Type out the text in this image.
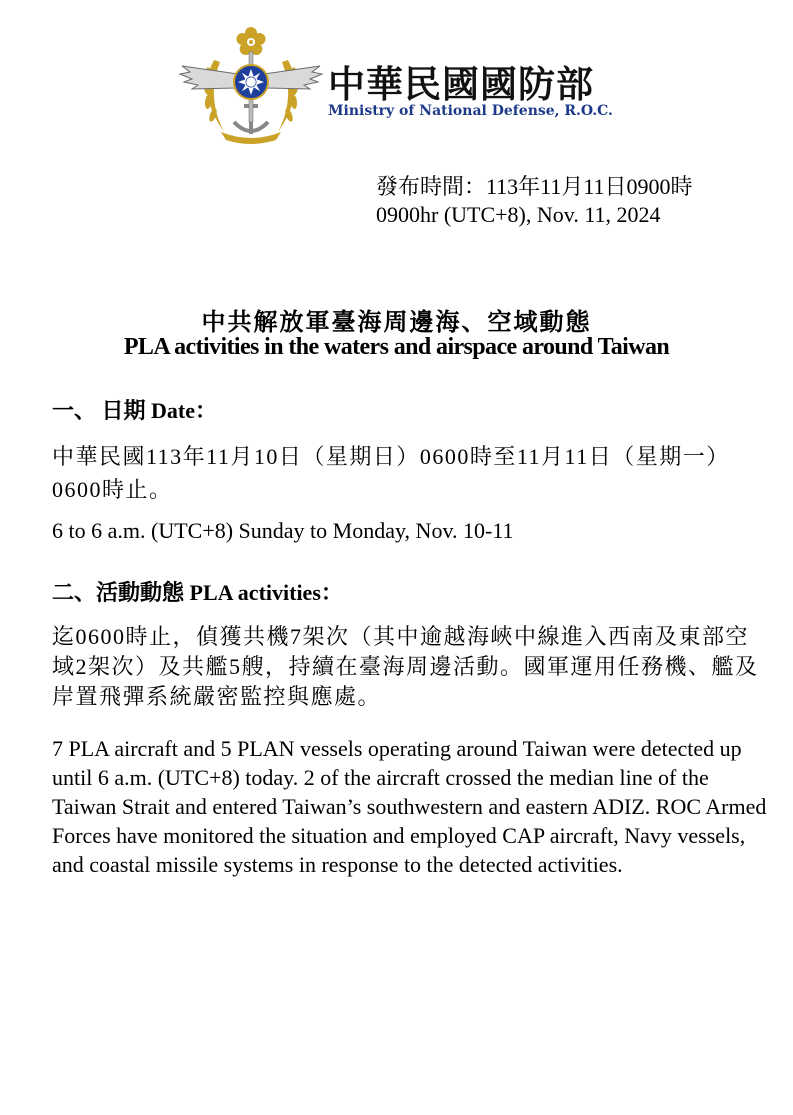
中華民國國防部
Ministry of National Defense, R.O.C.
發布時間：113年11月11日0900時
0900hr (UTC+8), Nov. 11, 2024
中共解放軍臺海周邊海、空域動態
PLA activities in the waters and airspace around Taiwan
一、 日期 Date：
中華民國113年11月10日（星期日）0600時至11月11日（星期一）0600時止。
6 to 6 a.m. (UTC+8) Sunday to Monday, Nov. 10-11
二、活動動態 PLA activities：
迄0600時止，偵獲共機7架次（其中逾越海峽中線進入西南及東部空域2架次）及共艦5艘，持續在臺海周邊活動。國軍運用任務機、艦及岸置飛彈系統嚴密監控與應處。
7 PLA aircraft and 5 PLAN vessels operating around Taiwan were detected up until 6 a.m. (UTC+8) today. 2 of the aircraft crossed the median line of the Taiwan Strait and entered Taiwan’s southwestern and eastern ADIZ. ROC Armed Forces have monitored the situation and employed CAP aircraft, Navy vessels, and coastal missile systems in response to the detected activities.
